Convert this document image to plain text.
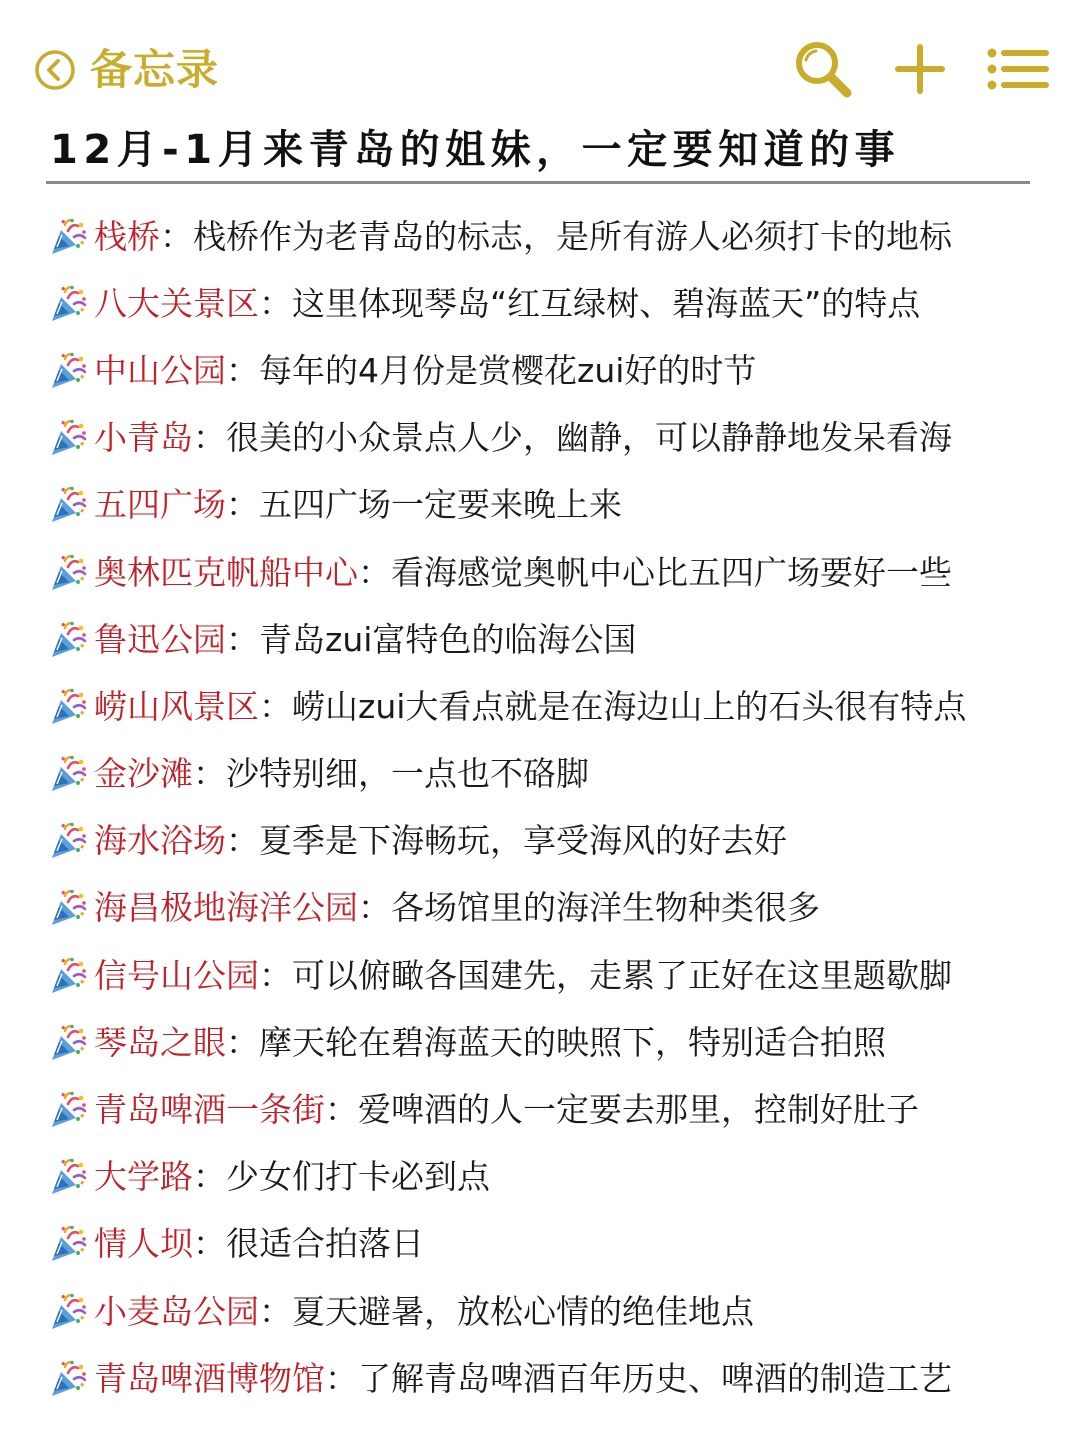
备忘录
12月-1月来青岛的姐妹，一定要知道的事
栈桥 ： 栈桥作为老青岛的标志，是所有游人必须打卡的地标
八大关景区 ： 这里体现琴岛“红互绿树、碧海蓝天”的特点
中山公园 ： 每年的4月份是赏樱花zui好的时节
小青岛 ： 很美的小众景点人少，幽静，可以静静地发呆看海
五四广场 ： 五四广场一定要来晚上来
奥林匹克帆船中心 ： 看海感觉奥帆中心比五四广场要好一些
鲁迅公园 ： 青岛zui富特色的临海公国
崂山风景区 ： 崂山zui大看点就是在海边山上的石头很有特点
金沙滩 ： 沙特别细，一点也不硌脚
海水浴场 ： 夏季是下海畅玩，享受海风的好去好
海昌极地海洋公园 ： 各场馆里的海洋生物种类很多
信号山公园 ： 可以俯瞰各国建先，走累了正好在这里题歇脚
琴岛之眼 ： 摩天轮在碧海蓝天的映照下，特别适合拍照
青岛啤酒一条街 ： 爱啤酒的人一定要去那里，控制好肚子
大学路 ： 少女们打卡必到点
情人坝 ： 很适合拍落日
小麦岛公园 ： 夏天避暑，放松心情的绝佳地点
青岛啤酒博物馆 ： 了解青岛啤酒百年历史、啤酒的制造工艺
